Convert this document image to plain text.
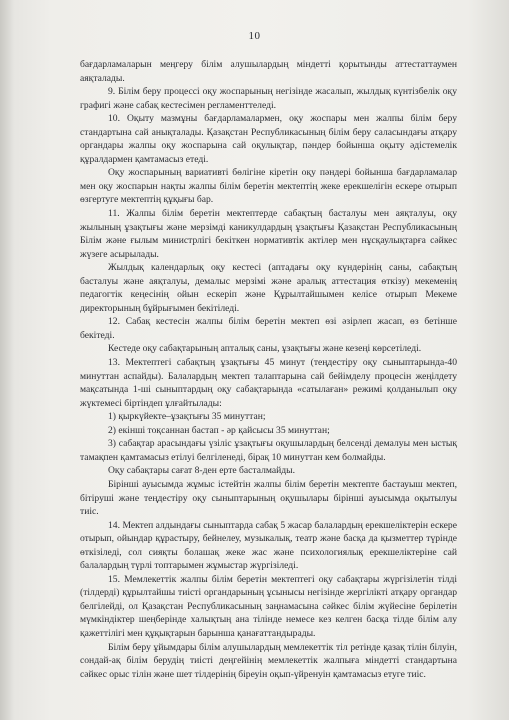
10

бағдарламаларын меңгеру білім алушылардың міндетті қорытынды аттестаттаумен аяқталады.

9. Білім беру процессі оқу жоспарының негізінде жасалып, жылдық күнтізбелік оқу графигі және сабақ кестесімен регламенттеледі.

10. Оқыту мазмұны бағдарламалармен, оқу жоспары мен жалпы білім беру стандартына сай анықталады. Қазақстан Республикасының білім беру саласындағы атқару органдары жалпы оқу жоспарына сай оқулықтар, пәндер бойынша оқыту әдістемелік құралдармен қамтамасыз етеді.

Оқу жоспарының вариативті бөлігіне кіретін оқу пәндері бойынша бағдарламалар мен оқу жоспарын нақты жалпы білім беретін мектептің жеке ерекшелігін ескере отырып өзгертуге мектептің құқығы бар.

11. Жалпы білім беретін мектептерде сабақтың басталуы мен аяқталуы, оқу жылының ұзақтығы және мерзімді каникулдардың ұзақтығы Қазақстан Республикасының Білім және ғылым министрлігі бекіткен нормативтік актілер мен нұсқаулықтарға сәйкес жүзеге асырылады.

Жылдық календарлық оқу кестесі (аптадағы оқу күндерінің саны, сабақтың басталуы және аяқталуы, демалыс мерзімі және аралық аттестация өткізу) мекеменің педагогтік кеңесінің ойын ескеріп және Құрылтайшымен келісе отырып Мекеме директорының бұйрығымен бекітіледі.

12. Сабақ кестесін жалпы білім беретін мектеп өзі әзірлеп жасап, өз бетінше бекітеді.

Кестеде оқу сабақтарының апталық саны, ұзақтығы және кезеңі көрсетіледі.

13. Мектептегі сабақтың ұзақтығы 45 минут (теңдестіру оқу сыныптарында-40 минуттан аспайды). Балалардың мектеп талаптарына сай бейімделу процесін жеңілдету мақсатында 1-ші сыныптардың оқу сабақтарында «сатылаған» режимі қолданылып оқу жүктемесі біртіндеп ұлғайтылады:

1) қыркүйекте–ұзақтығы 35 минуттан;

2) екінші тоқсаннан бастап - әр қайсысы 35 минуттан;

3) сабақтар арасындағы үзіліс ұзақтығы оқушылардың белсенді демалуы мен ыстық тамақпен қамтамасыз етілуі белгіленеді, бірақ 10 минуттан кем болмайды.

Оқу сабақтары сағат 8-ден ерте басталмайды.

Бірінші ауысымда жұмыс істейтін жалпы білім беретін мектепте бастауыш мектеп, бітіруші және теңдестіру оқу сыныптарының оқушылары бірінші ауысымда оқытылуы тиіс.

14. Мектеп алдындағы сыныптарда сабақ 5 жасар балалардың ерекшеліктерін ескере отырып, ойындар құрастыру, бейнелеу, музыкалық, театр және басқа да қызметтер түрінде өткізіледі, сол сияқты болашақ жеке жас және психологиялық ерекшеліктеріне сай балалардың түрлі топтарымен жұмыстар жүргізіледі.

15. Мемлекеттік жалпы білім беретін мектептегі оқу сабақтары жүргізілетін тілді (тілдерді) құрылтайшы тиісті органдарының ұсынысы негізінде жергілікті атқару органдар белгілейді, ол Қазақстан Республикасының заңнамасына сәйкес білім жүйесіне берілетін мүмкіндіктер шеңберінде халықтың ана тілінде немесе кез келген басқа тілде білім алу қажеттілігі мен құқықтарын барынша қанағаттандырады.

Білім беру ұйымдары білім алушылардың мемлекеттік тіл ретінде қазақ тілін білуін, сондай-ақ білім берудің тиісті деңгейінің мемлекеттік жалпыға міндетті стандартына сәйкес орыс тілін және шет тілдерінің біреуін оқып-үйренуін қамтамасыз етуге тиіс.
